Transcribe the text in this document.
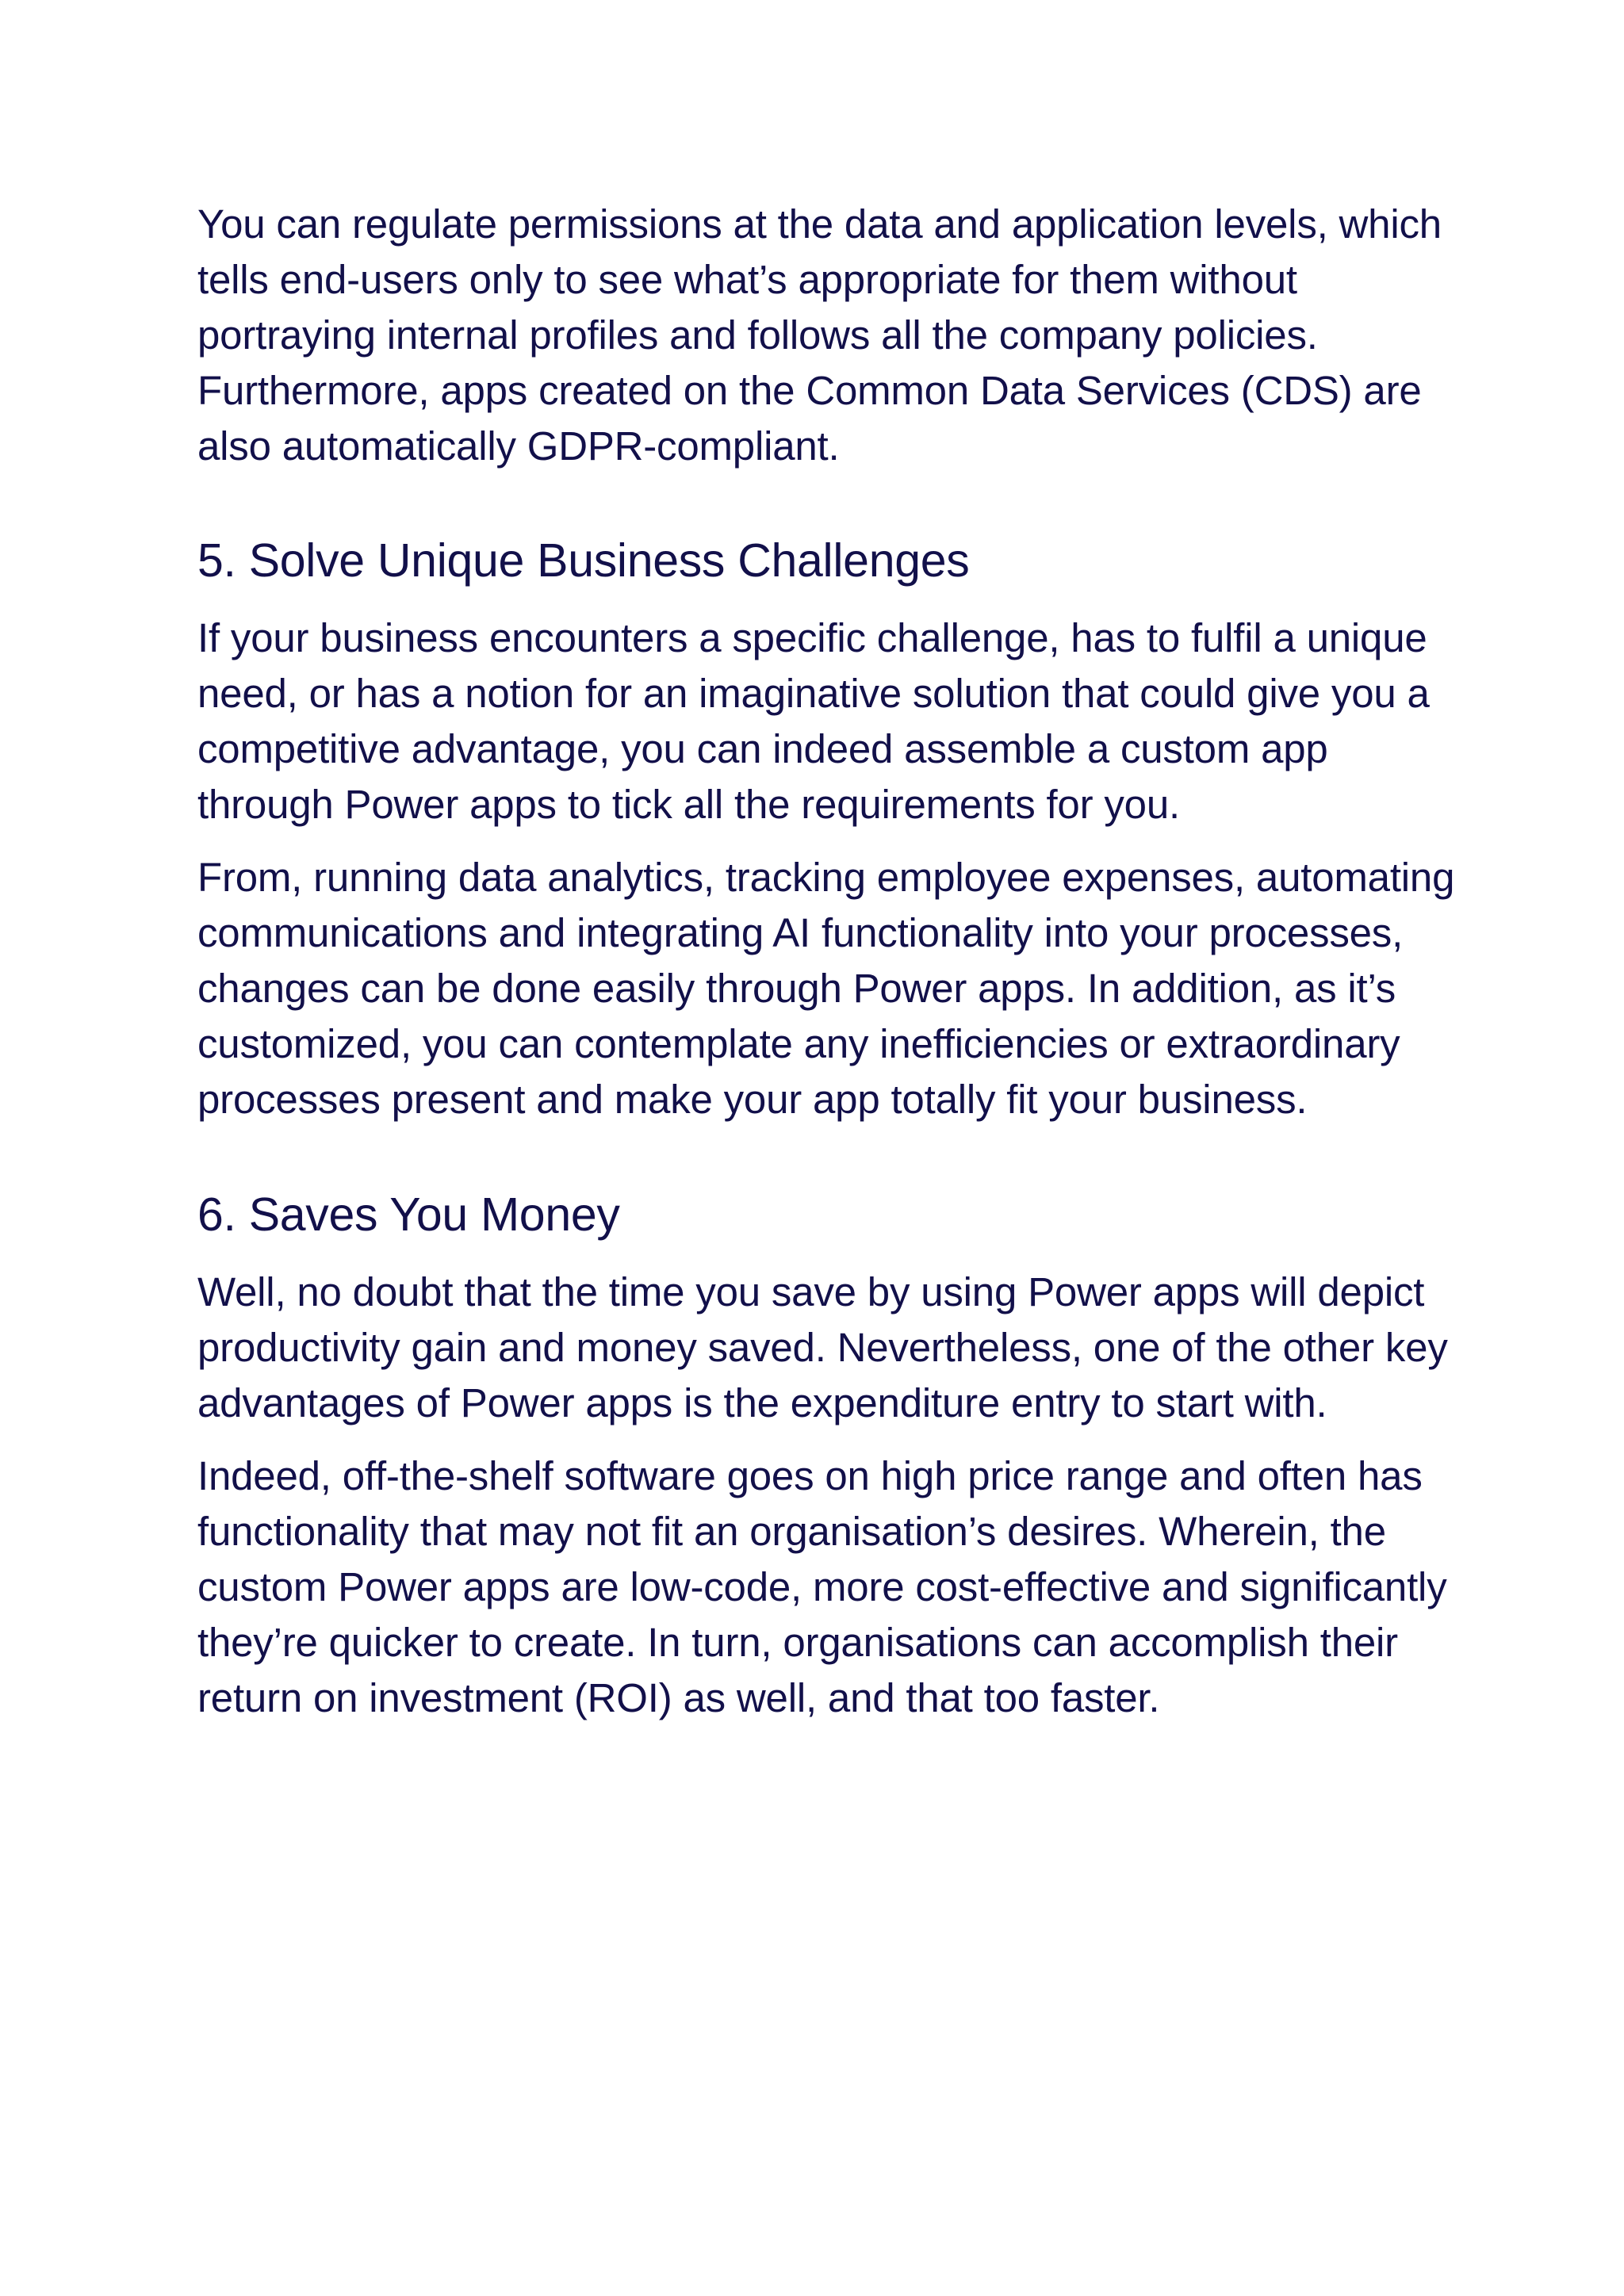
You can regulate permissions at the data and application levels, which tells end-users only to see what’s appropriate for them without portraying internal profiles and follows all the company policies. Furthermore, apps created on the Common Data Services (CDS) are also automatically GDPR-compliant.

5. Solve Unique Business Challenges

If your business encounters a specific challenge, has to fulfil a unique need, or has a notion for an imaginative solution that could give you a competitive advantage, you can indeed assemble a custom app through Power apps to tick all the requirements for you.

From, running data analytics, tracking employee expenses, automating communications and integrating AI functionality into your processes, changes can be done easily through Power apps. In addition, as it’s customized, you can contemplate any inefficiencies or extraordinary processes present and make your app totally fit your business.

6. Saves You Money

Well, no doubt that the time you save by using Power apps will depict productivity gain and money saved. Nevertheless, one of the other key advantages of Power apps is the expenditure entry to start with.

Indeed, off-the-shelf software goes on high price range and often has functionality that may not fit an organisation’s desires. Wherein, the custom Power apps are low-code, more cost-effective and significantly they’re quicker to create. In turn, organisations can accomplish their return on investment (ROI) as well, and that too faster.
